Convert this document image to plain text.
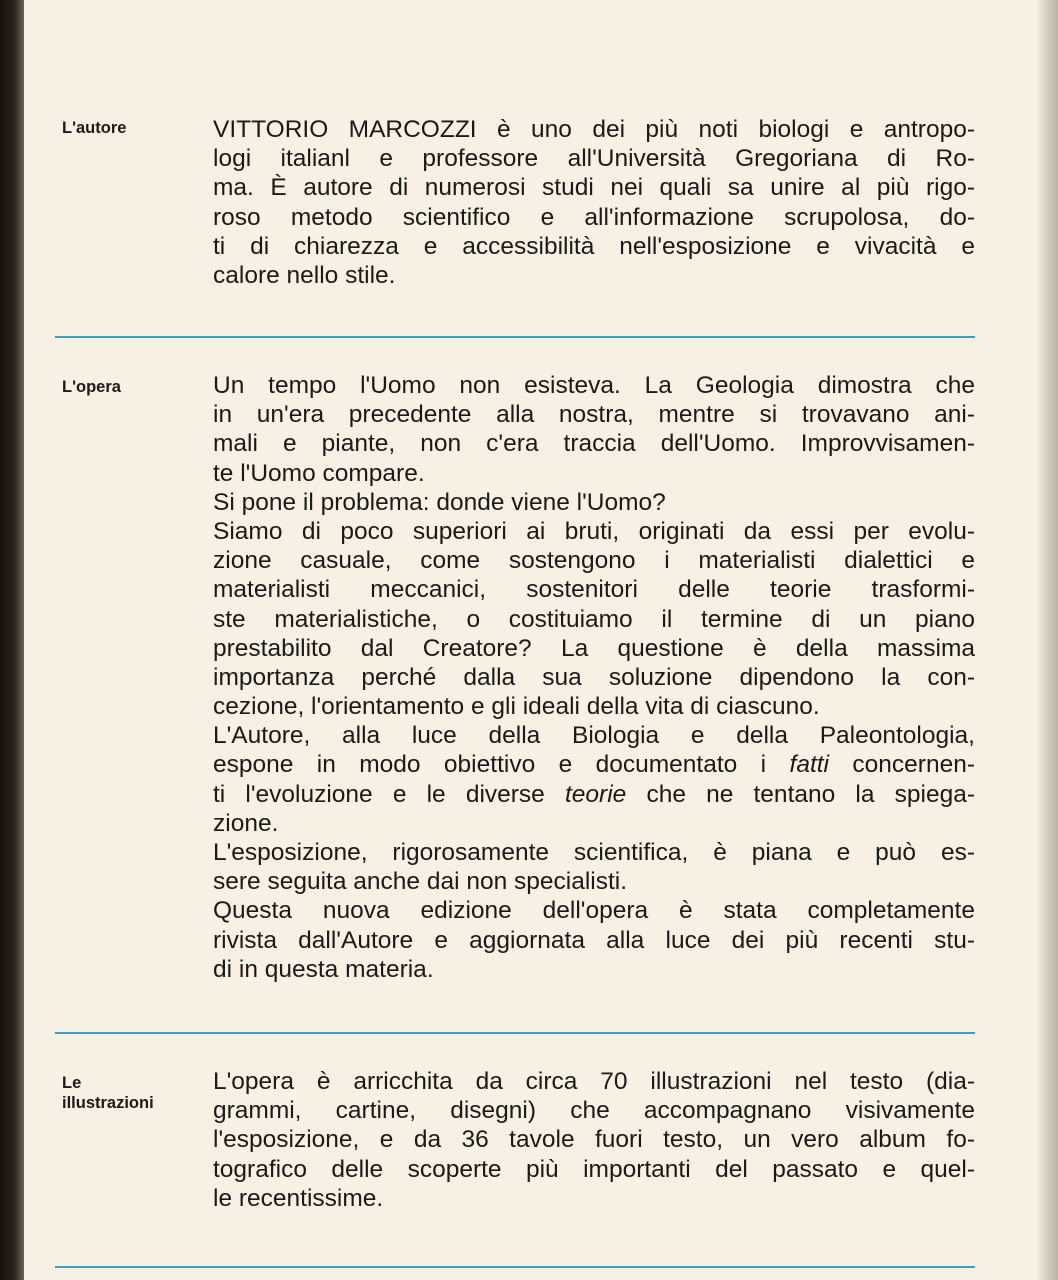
L'autore	VITTORIO MARCOZZI è uno dei più noti biologi e antropo-
logi italianl e professore all'Università Gregoriana di Ro-
ma. È autore di numerosi studi nei quali sa unire al più rigo-
roso metodo scientifico e all'informazione scrupolosa, do-
ti di chiarezza e accessibilità nell'esposizione e vivacità e
calore nello stile.
L'opera	Un tempo l'Uomo non esisteva. La Geologia dimostra che
in un'era precedente alla nostra, mentre si trovavano ani-
mali e piante, non c'era traccia dell'Uomo. Improvvisamen-
te l'Uomo compare.
Si pone il problema: donde viene l'Uomo?
Siamo di poco superiori ai bruti, originati da essi per evolu-
zione casuale, come sostengono i materialisti dialettici e
materialisti meccanici, sostenitori delle teorie trasformi-
ste materialistiche, o costituiamo il termine di un piano
prestabilito dal Creatore? La questione è della massima
importanza perché dalla sua soluzione dipendono la con-
cezione, l'orientamento e gli ideali della vita di ciascuno.
L'Autore, alla luce della Biologia e della Paleontologia,
espone in modo obiettivo e documentato i fatti concernen-
ti l'evoluzione e le diverse teorie che ne tentano la spiega-
zione.
L'esposizione, rigorosamente scientifica, è piana e può es-
sere seguita anche dai non specialisti.
Questa nuova edizione dell'opera è stata completamente
rivista dall'Autore e aggiornata alla luce dei più recenti stu-
di in questa materia.
Le
illustrazioni
L'opera è arricchita da circa 70 illustrazioni nel testo (dia-
grammi, cartine, disegni) che accompagnano visivamente
l'esposizione, e da 36 tavole fuori testo, un vero album fo-
tografico delle scoperte più importanti del passato e quel-
le recentissime.
